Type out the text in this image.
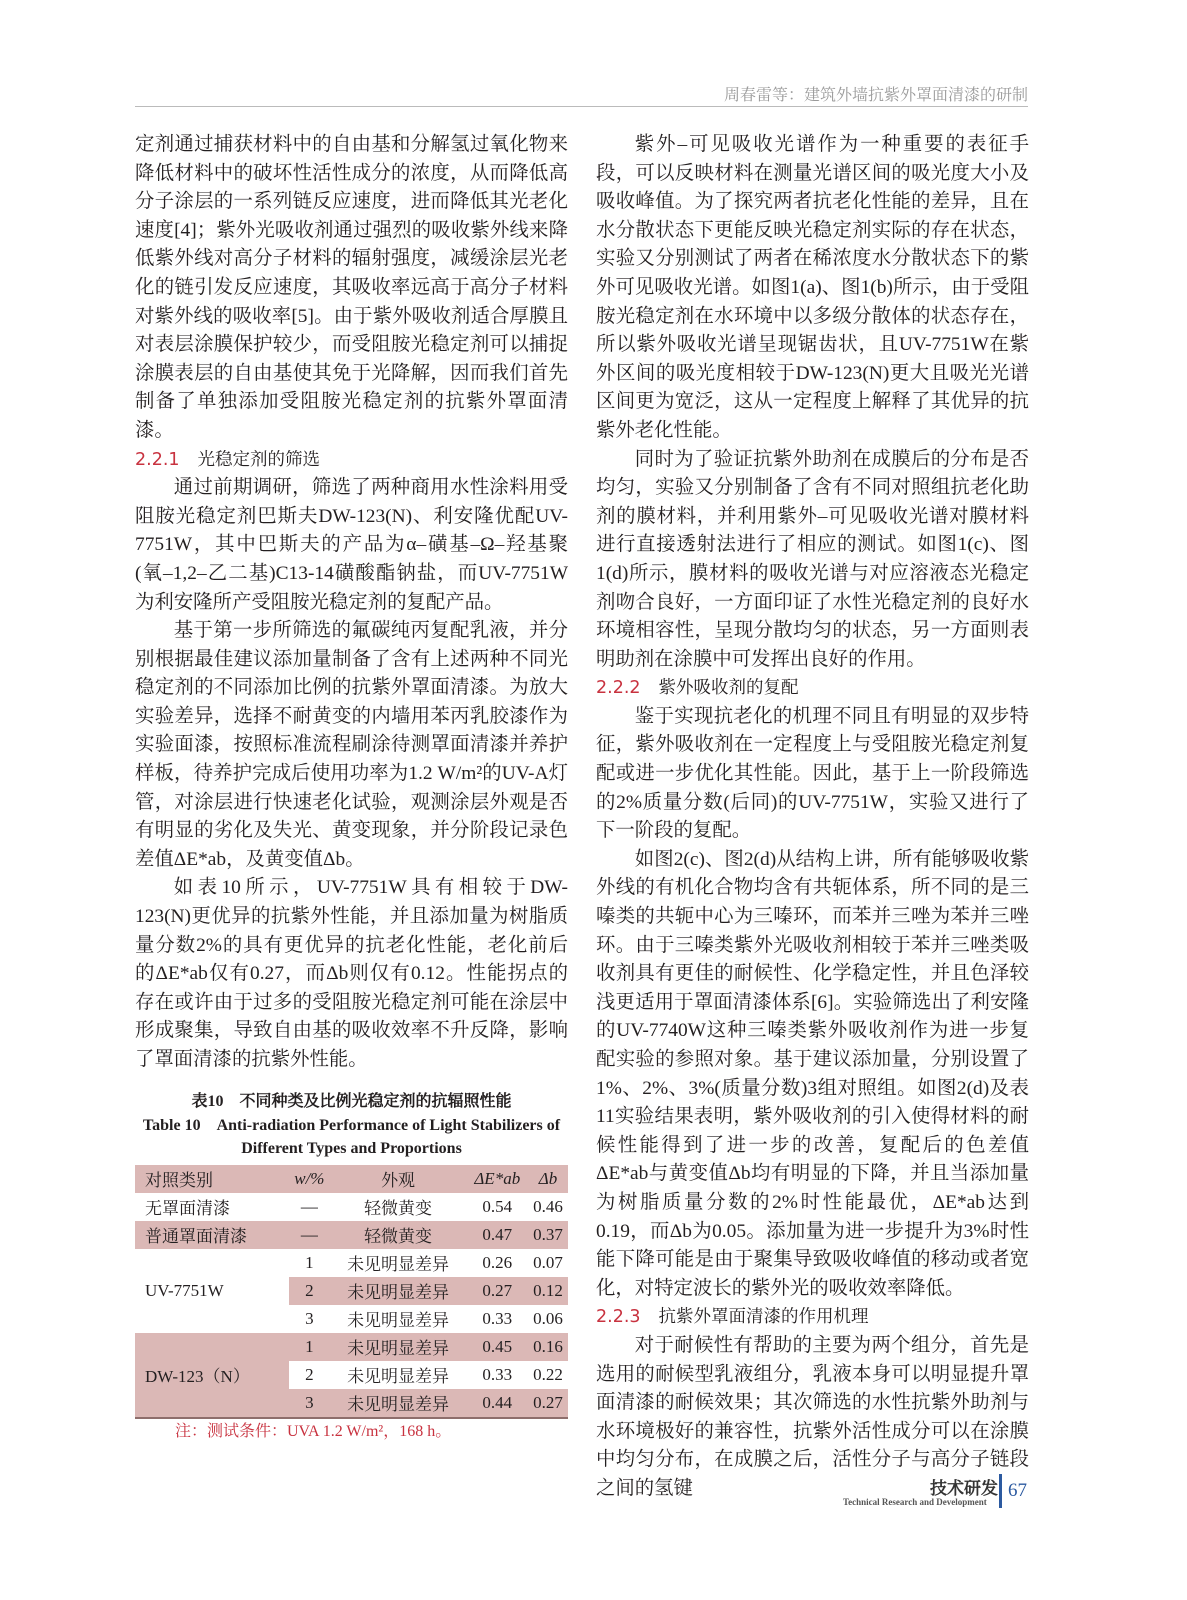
周春雷等：建筑外墙抗紫外罩面清漆的研制

定剂通过捕获材料中的自由基和分解氢过氧化物来降低材料中的破坏性活性成分的浓度，从而降低高分子涂层的一系列链反应速度，进而降低其光老化速度[4]；紫外光吸收剂通过强烈的吸收紫外线来降低紫外线对高分子材料的辐射强度，减缓涂层光老化的链引发反应速度，其吸收率远高于高分子材料对紫外线的吸收率[5]。由于紫外吸收剂适合厚膜且对表层涂膜保护较少，而受阻胺光稳定剂可以捕捉涂膜表层的自由基使其免于光降解，因而我们首先制备了单独添加受阻胺光稳定剂的抗紫外罩面清漆。

2.2.1 光稳定剂的筛选

通过前期调研，筛选了两种商用水性涂料用受阻胺光稳定剂巴斯夫DW-123(N)、利安隆优配UV-7751W，其中巴斯夫的产品为α–磺基–Ω–羟基聚(氧–1,2–乙二基)C13-14磺酸酯钠盐，而UV-7751W为利安隆所产受阻胺光稳定剂的复配产品。

基于第一步所筛选的氟碳纯丙复配乳液，并分别根据最佳建议添加量制备了含有上述两种不同光稳定剂的不同添加比例的抗紫外罩面清漆。为放大实验差异，选择不耐黄变的内墙用苯丙乳胶漆作为实验面漆，按照标准流程刷涂待测罩面清漆并养护样板，待养护完成后使用功率为1.2 W/m²的UV-A灯管，对涂层进行快速老化试验，观测涂层外观是否有明显的劣化及失光、黄变现象，并分阶段记录色差值ΔE*ab，及黄变值Δb。

如表10所示，UV-7751W具有相较于DW-123(N)更优异的抗紫外性能，并且添加量为树脂质量分数2%的具有更优异的抗老化性能，老化前后的ΔE*ab仅有0.27，而Δb则仅有0.12。性能拐点的存在或许由于过多的受阻胺光稳定剂可能在涂层中形成聚集，导致自由基的吸收效率不升反降，影响了罩面清漆的抗紫外性能。

表10　不同种类及比例光稳定剂的抗辐照性能
Table 10　Anti-radiation Performance of Light Stabilizers of Different Types and Proportions
对照类别	w/%	外观	ΔE*ab	Δb
无罩面清漆	—	轻微黄变	0.54	0.46
普通罩面清漆	—	轻微黄变	0.47	0.37
UV-7751W	1	未见明显差异	0.26	0.07
	2	未见明显差异	0.27	0.12
	3	未见明显差异	0.33	0.06
DW-123（N）	1	未见明显差异	0.45	0.16
	2	未见明显差异	0.33	0.22
	3	未见明显差异	0.44	0.27
注：测试条件：UVA 1.2 W/m²，168 h。

紫外–可见吸收光谱作为一种重要的表征手段，可以反映材料在测量光谱区间的吸光度大小及吸收峰值。为了探究两者抗老化性能的差异，且在水分散状态下更能反映光稳定剂实际的存在状态，实验又分别测试了两者在稀浓度水分散状态下的紫外可见吸收光谱。如图1(a)、图1(b)所示，由于受阻胺光稳定剂在水环境中以多级分散体的状态存在，所以紫外吸收光谱呈现锯齿状，且UV-7751W在紫外区间的吸光度相较于DW-123(N)更大且吸光光谱区间更为宽泛，这从一定程度上解释了其优异的抗紫外老化性能。

同时为了验证抗紫外助剂在成膜后的分布是否均匀，实验又分别制备了含有不同对照组抗老化助剂的膜材料，并利用紫外–可见吸收光谱对膜材料进行直接透射法进行了相应的测试。如图1(c)、图1(d)所示，膜材料的吸收光谱与对应溶液态光稳定剂吻合良好，一方面印证了水性光稳定剂的良好水环境相容性，呈现分散均匀的状态，另一方面则表明助剂在涂膜中可发挥出良好的作用。

2.2.2 紫外吸收剂的复配

鉴于实现抗老化的机理不同且有明显的双步特征，紫外吸收剂在一定程度上与受阻胺光稳定剂复配或进一步优化其性能。因此，基于上一阶段筛选的2%质量分数(后同)的UV-7751W，实验又进行了下一阶段的复配。

如图2(c)、图2(d)从结构上讲，所有能够吸收紫外线的有机化合物均含有共轭体系，所不同的是三嗪类的共轭中心为三嗪环，而苯并三唑为苯并三唑环。由于三嗪类紫外光吸收剂相较于苯并三唑类吸收剂具有更佳的耐候性、化学稳定性，并且色泽较浅更适用于罩面清漆体系[6]。实验筛选出了利安隆的UV-7740W这种三嗪类紫外吸收剂作为进一步复配实验的参照对象。基于建议添加量，分别设置了1%、2%、3%(质量分数)3组对照组。如图2(d)及表11实验结果表明，紫外吸收剂的引入使得材料的耐候性能得到了进一步的改善，复配后的色差值ΔE*ab与黄变值Δb均有明显的下降，并且当添加量为树脂质量分数的2%时性能最优，ΔE*ab达到0.19，而Δb为0.05。添加量为进一步提升为3%时性能下降可能是由于聚集导致吸收峰值的移动或者宽化，对特定波长的紫外光的吸收效率降低。

2.2.3 抗紫外罩面清漆的作用机理

对于耐候性有帮助的主要为两个组分，首先是选用的耐候型乳液组分，乳液本身可以明显提升罩面清漆的耐候效果；其次筛选的水性抗紫外助剂与水环境极好的兼容性，抗紫外活性成分可以在涂膜中均匀分布，在成膜之后，活性分子与高分子链段之间的氢键	技术研发
Technical Research and Development
67
